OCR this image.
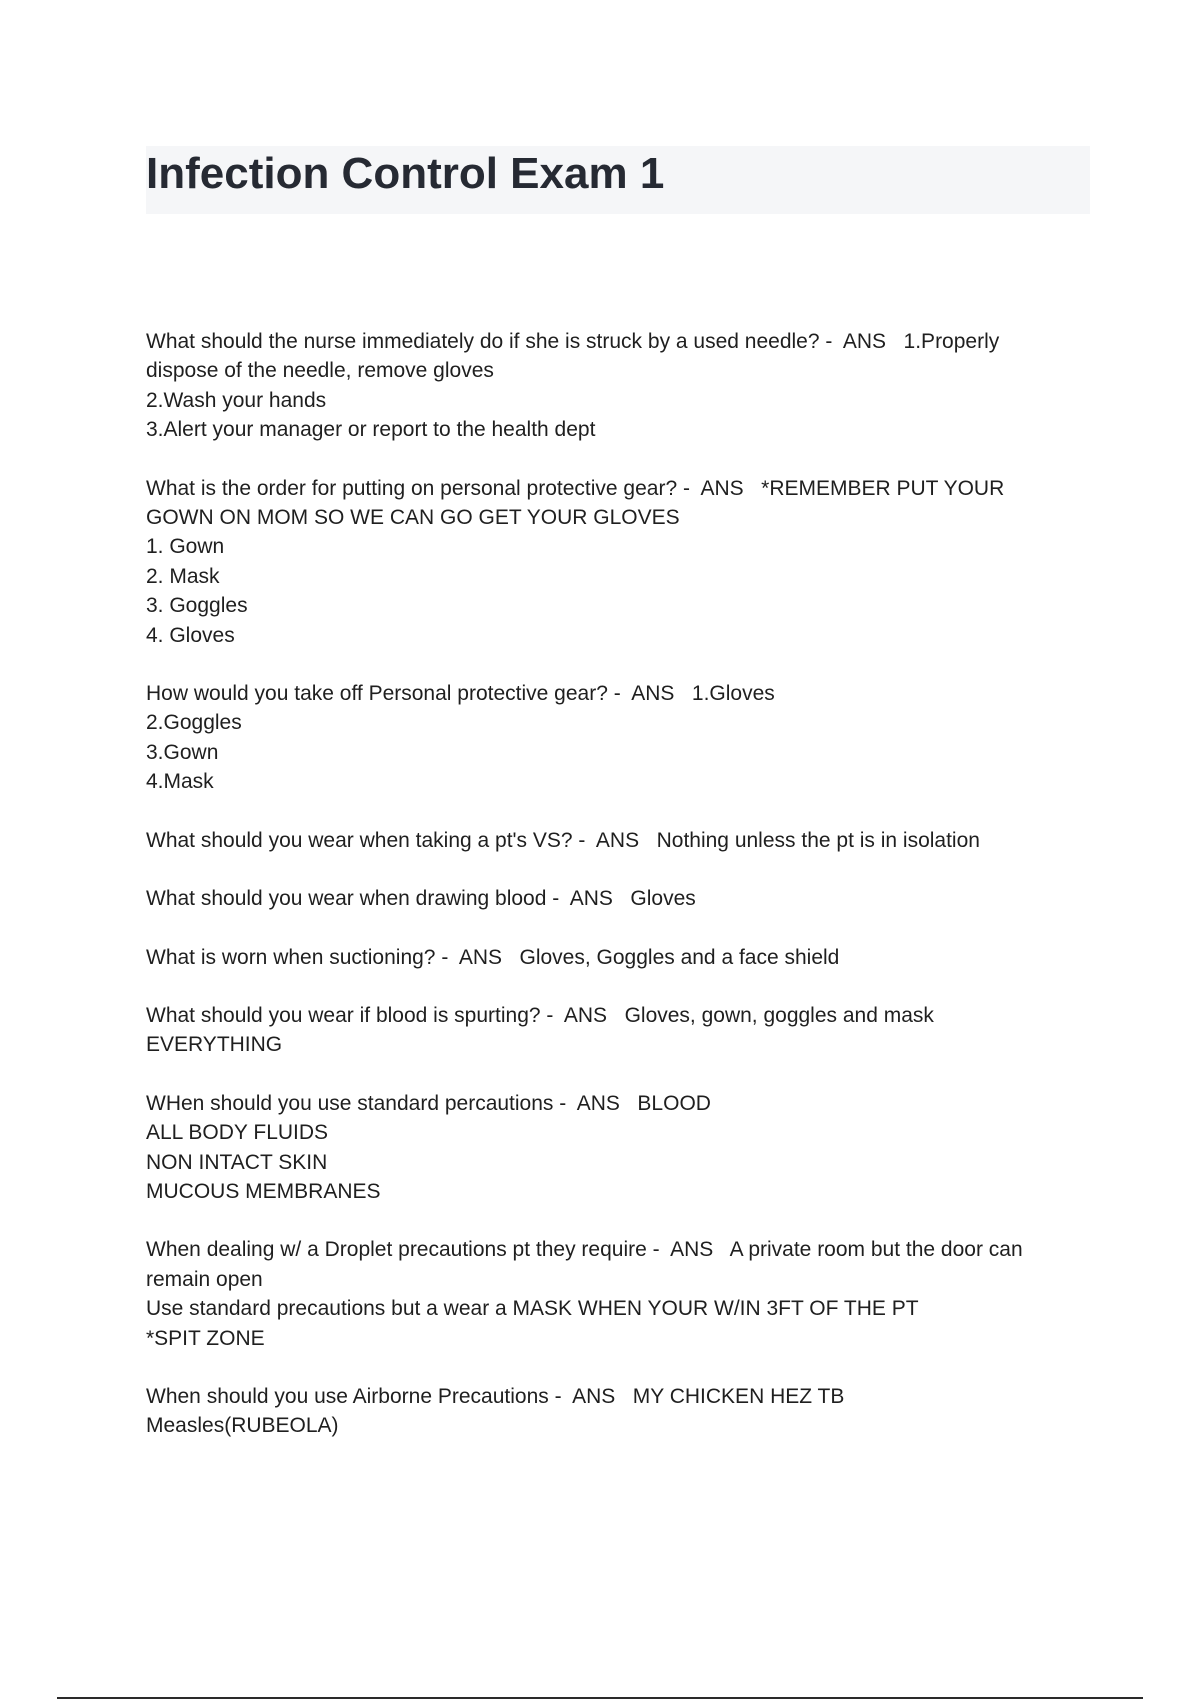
Infection Control Exam 1
What should the nurse immediately do if she is struck by a used needle? -  ANS   1.Properly
dispose of the needle, remove gloves
2.Wash your hands
3.Alert your manager or report to the health dept
What is the order for putting on personal protective gear? -  ANS   *REMEMBER PUT YOUR
GOWN ON MOM SO WE CAN GO GET YOUR GLOVES
1. Gown
2. Mask
3. Goggles
4. Gloves
How would you take off Personal protective gear? -  ANS   1.Gloves
2.Goggles
3.Gown
4.Mask
What should you wear when taking a pt's VS? -  ANS   Nothing unless the pt is in isolation
What should you wear when drawing blood -  ANS   Gloves
What is worn when suctioning? -  ANS   Gloves, Goggles and a face shield
What should you wear if blood is spurting? -  ANS   Gloves, gown, goggles and mask
EVERYTHING
WHen should you use standard percautions -  ANS   BLOOD
ALL BODY FLUIDS
NON INTACT SKIN
MUCOUS MEMBRANES
When dealing w/ a Droplet precautions pt they require -  ANS   A private room but the door can
remain open
Use standard precautions but a wear a MASK WHEN YOUR W/IN 3FT OF THE PT
*SPIT ZONE
When should you use Airborne Precautions -  ANS   MY CHICKEN HEZ TB
Measles(RUBEOLA)
